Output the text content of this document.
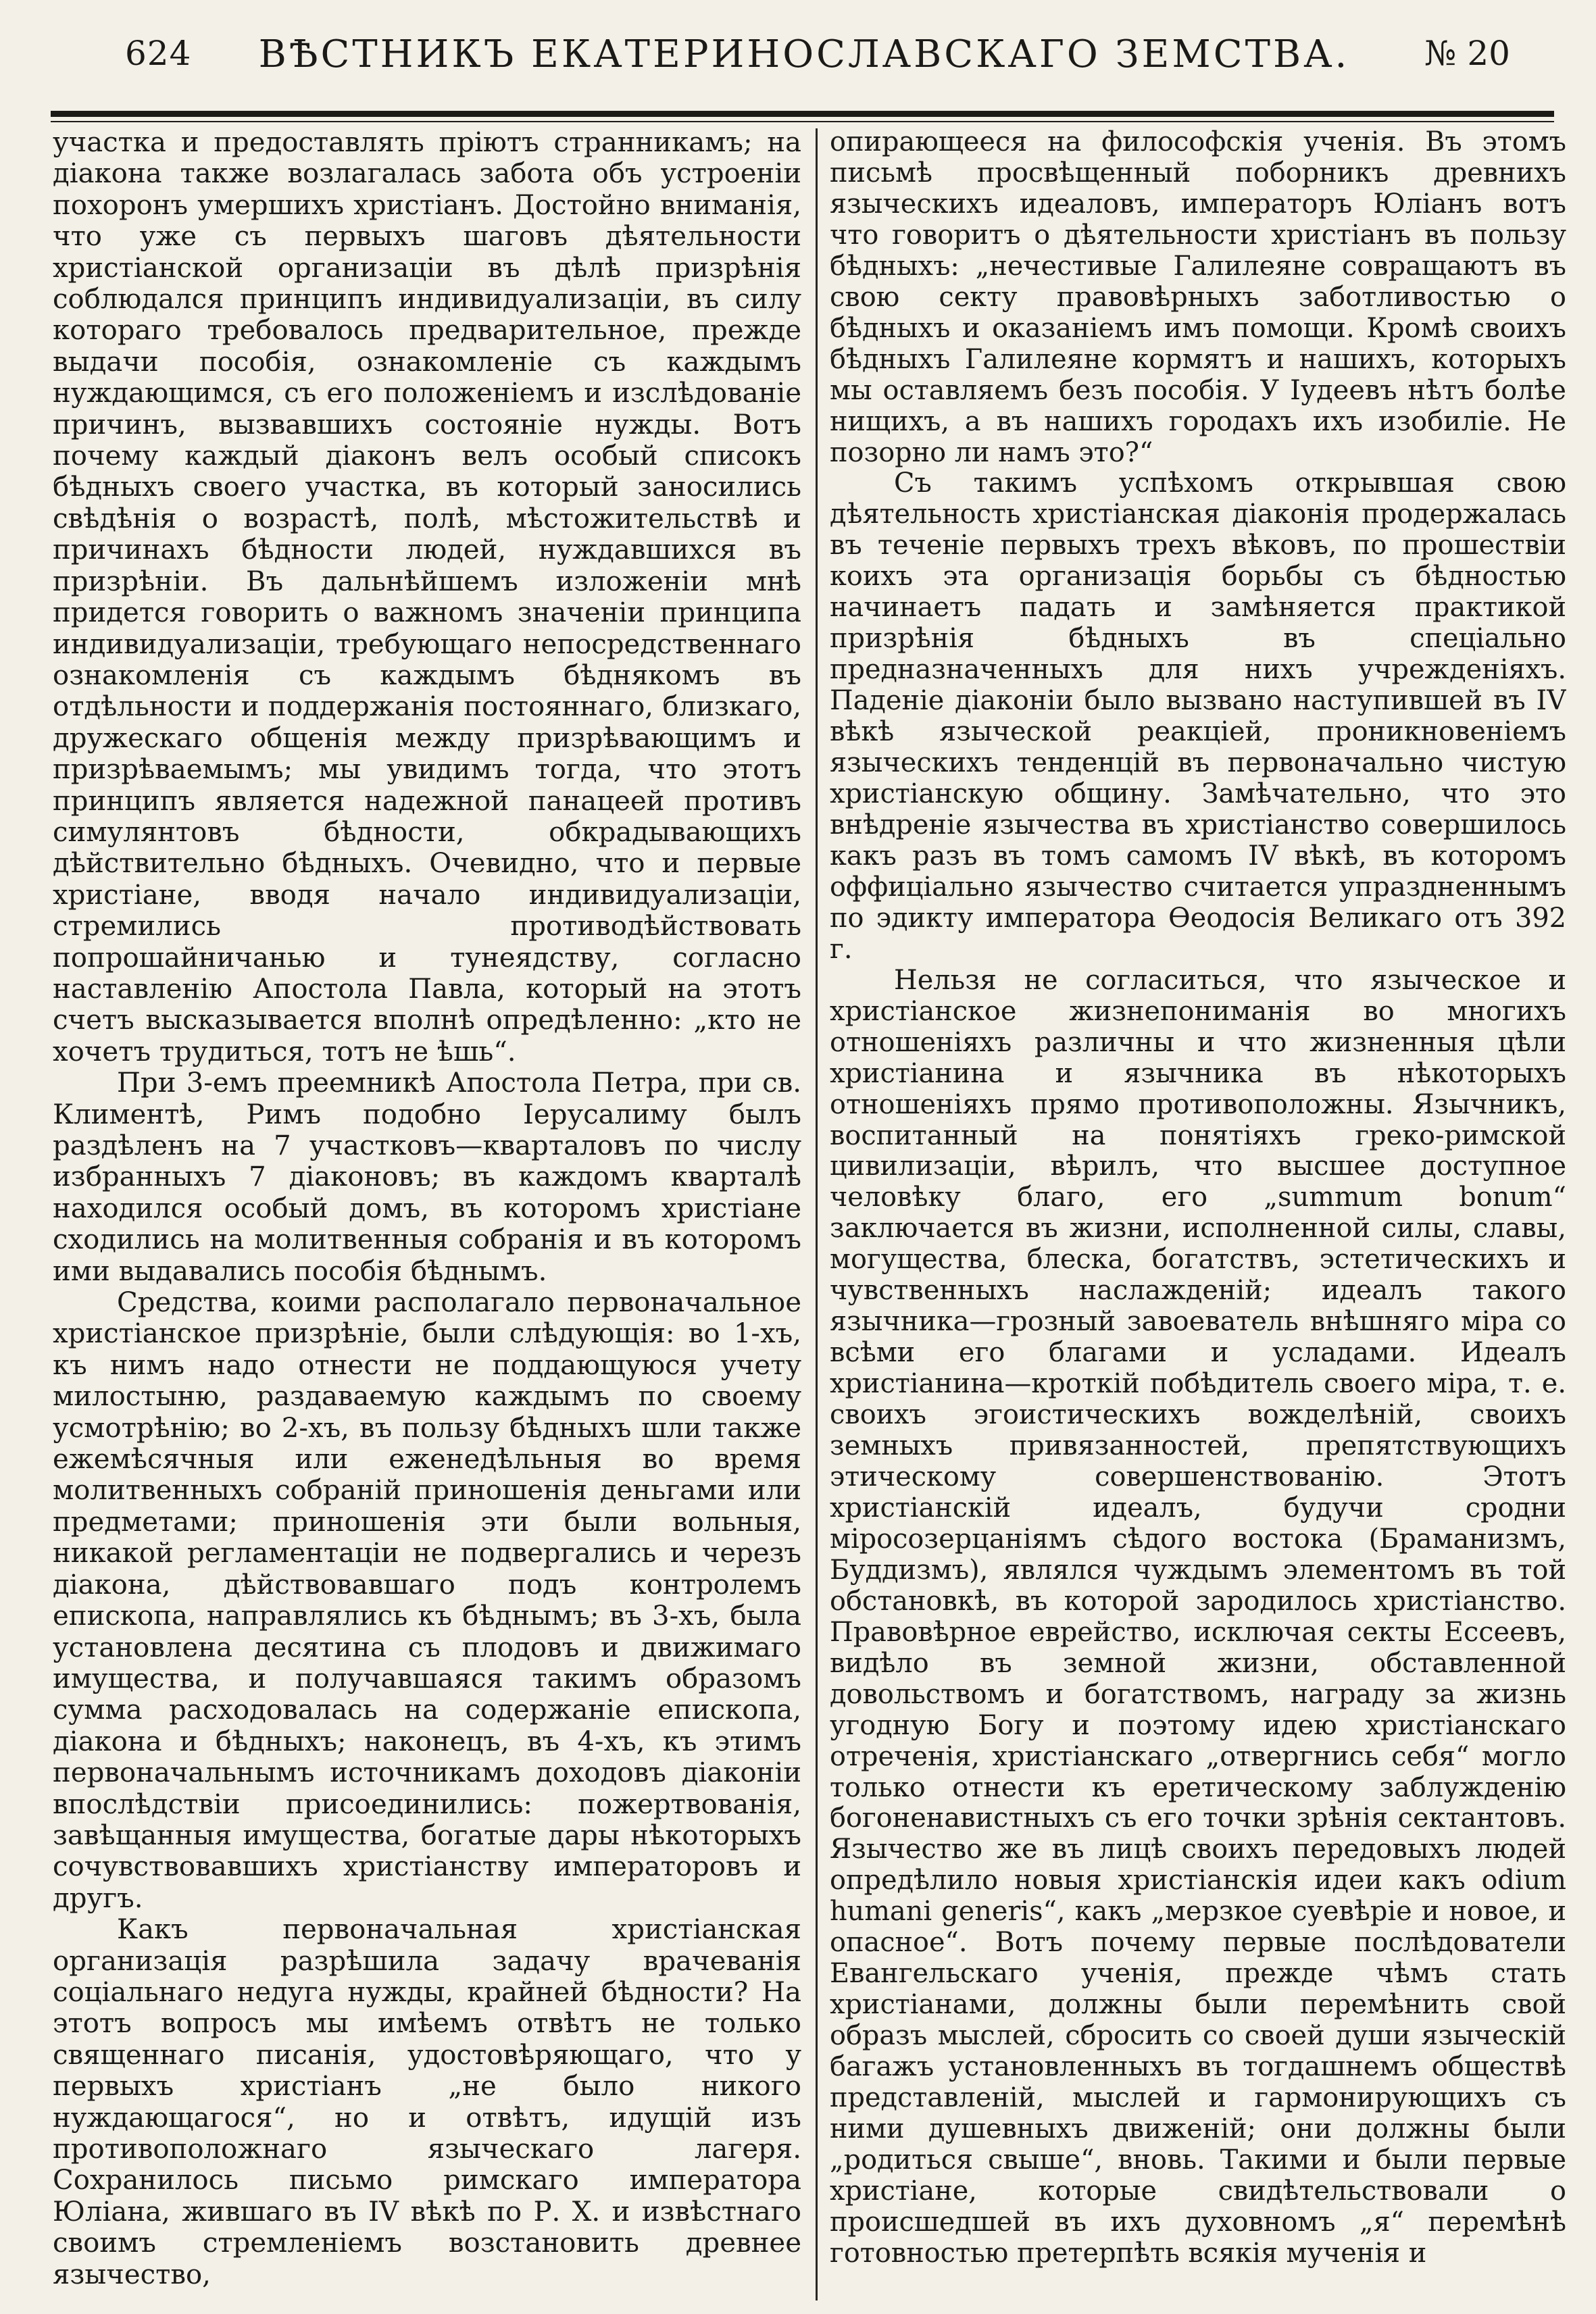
624	ВѢСТНИКЪ ЕКАТЕРИНОСЛАВСКАГО ЗЕМСТВА.	№ 20

участка и предоставлять пріютъ странникамъ; на діакона также возлагалась забота объ устроеніи похоронъ умершихъ христіанъ. Достойно вниманія, что уже съ первыхъ шаговъ дѣятельности христіанской организаціи въ дѣлѣ призрѣнія соблюдался принципъ индивидуализаціи, въ силу котораго требовалось предварительное, прежде выдачи пособія, ознакомленіе съ каждымъ нуждающимся, съ его положеніемъ и изслѣдованіе причинъ, вызвавшихъ состояніе нужды. Вотъ почему каждый діаконъ велъ особый списокъ бѣдныхъ своего участка, въ который заносились свѣдѣнія о возрастѣ, полѣ, мѣстожительствѣ и причинахъ бѣдности людей, нуждавшихся въ призрѣніи. Въ дальнѣйшемъ изложеніи мнѣ придется говорить о важномъ значеніи принципа индивидуализаціи, требующаго непосредственнаго ознакомленія съ каждымъ бѣднякомъ въ отдѣльности и поддержанія постояннаго, близкаго, дружескаго общенія между призрѣвающимъ и призрѣваемымъ; мы увидимъ тогда, что этотъ принципъ является надежной панацеей противъ симулянтовъ бѣдности, обкрадывающихъ дѣйствительно бѣдныхъ. Очевидно, что и первые христіане, вводя начало индивидуализаціи, стремились противодѣйствовать попрошайничанью и тунеядству, согласно наставленію Апостола Павла, который на этотъ счетъ высказывается вполнѣ опредѣленно: „кто не хочетъ трудиться, тотъ не ѣшь“.

При 3-емъ преемникѣ Апостола Петра, при св. Климентѣ, Римъ подобно Іерусалиму былъ раздѣленъ на 7 участковъ—кварталовъ по числу избранныхъ 7 діаконовъ; въ каждомъ кварталѣ находился особый домъ, въ которомъ христіане сходились на молитвенныя собранія и въ которомъ ими выдавались пособія бѣднымъ.

Средства, коими располагало первоначальное христіанское призрѣніе, были слѣдующія: во 1-хъ, къ нимъ надо отнести не поддающуюся учету милостыню, раздаваемую каждымъ по своему усмотрѣнію; во 2-хъ, въ пользу бѣдныхъ шли также ежемѣсячныя или еженедѣльныя во время молитвенныхъ собраній приношенія деньгами или предметами; приношенія эти были вольныя, никакой регламентаціи не подвергались и черезъ діакона, дѣйствовавшаго подъ контролемъ епископа, направлялись къ бѣднымъ; въ 3-хъ, была установлена десятина съ плодовъ и движимаго имущества, и получавшаяся такимъ образомъ сумма расходовалась на содержаніе епископа, діакона и бѣдныхъ; наконецъ, въ 4-хъ, къ этимъ первоначальнымъ источникамъ доходовъ діаконіи впослѣдствіи присоединились: пожертвованія, завѣщанныя имущества, богатые дары нѣкоторыхъ сочувствовавшихъ христіанству императоровъ и другъ.

Какъ первоначальная христіанская организація разрѣшила задачу врачеванія соціальнаго недуга нужды, крайней бѣдности? На этотъ вопросъ мы имѣемъ отвѣтъ не только священнаго писанія, удостовѣряющаго, что у первыхъ христіанъ „не было никого нуждающагося“, но и отвѣтъ, идущій изъ противоположнаго языческаго лагеря. Сохранилось письмо римскаго императора Юліана, жившаго въ IV вѣкѣ по Р. Х. и извѣстнаго своимъ стремленіемъ возстановить древнее язычество,

опирающееся на философскія ученія. Въ этомъ письмѣ просвѣщенный поборникъ древнихъ языческихъ идеаловъ, императоръ Юліанъ вотъ что говоритъ о дѣятельности христіанъ въ пользу бѣдныхъ: „нечестивые Галилеяне совращаютъ въ свою секту правовѣрныхъ заботливостью о бѣдныхъ и оказаніемъ имъ помощи. Кромѣ своихъ бѣдныхъ Галилеяне кормятъ и нашихъ, которыхъ мы оставляемъ безъ пособія. У Іудеевъ нѣтъ болѣе нищихъ, а въ нашихъ городахъ ихъ изобиліе. Не позорно ли намъ это?“

Съ такимъ успѣхомъ открывшая свою дѣятельность христіанская діаконія продержалась въ теченіе первыхъ трехъ вѣковъ, по прошествіи коихъ эта организація борьбы съ бѣдностью начинаетъ падать и замѣняется практикой призрѣнія бѣдныхъ въ спеціально предназначенныхъ для нихъ учрежденіяхъ. Паденіе діаконіи было вызвано наступившей въ IV вѣкѣ языческой реакціей, проникновеніемъ языческихъ тенденцій въ первоначально чистую христіанскую общину. Замѣчательно, что это внѣдреніе язычества въ христіанство совершилось какъ разъ въ томъ самомъ IV вѣкѣ, въ которомъ оффиціально язычество считается упраздненнымъ по эдикту императора Ѳеодосія Великаго отъ 392 г.

Нельзя не согласиться, что языческое и христіанское жизнепониманія во многихъ отношеніяхъ различны и что жизненныя цѣли христіанина и язычника въ нѣкоторыхъ отношеніяхъ прямо противоположны. Язычникъ, воспитанный на понятіяхъ греко-римской цивилизаціи, вѣрилъ, что высшее доступное человѣку благо, его „summum bonum“ заключается въ жизни, исполненной силы, славы, могущества, блеска, богатствъ, эстетическихъ и чувственныхъ наслажденій; идеалъ такого язычника—грозный завоеватель внѣшняго міра со всѣми его благами и усладами. Идеалъ христіанина—кроткій побѣдитель своего міра, т. е. своихъ эгоистическихъ вожделѣній, своихъ земныхъ привязанностей, препятствующихъ этическому совершенствованію. Этотъ христіанскій идеалъ, будучи сродни міросозерцаніямъ сѣдого востока (Браманизмъ, Буддизмъ), являлся чуждымъ элементомъ въ той обстановкѣ, въ которой зародилось христіанство. Правовѣрное еврейство, исключая секты Ессеевъ, видѣло въ земной жизни, обставленной довольствомъ и богатствомъ, награду за жизнь угодную Богу и поэтому идею христіанскаго отреченія, христіанскаго „отвергнись себя“ могло только отнести къ еретическому заблужденію богоненавистныхъ съ его точки зрѣнія сектантовъ. Язычество же въ лицѣ своихъ передовыхъ людей опредѣлило новыя христіанскія идеи какъ odium humani generis“, какъ „мерзкое суевѣріе и новое, и опасное“. Вотъ почему первые послѣдователи Евангельскаго ученія, прежде чѣмъ стать христіанами, должны были перемѣнить свой образъ мыслей, сбросить со своей души языческій багажъ установленныхъ въ тогдашнемъ обществѣ представленій, мыслей и гармонирующихъ съ ними душевныхъ движеній; они должны были „родиться свыше“, вновь. Такими и были первые христіане, которые свидѣтельствовали о происшедшей въ ихъ духовномъ „я“ перемѣнѣ готовностью претерпѣть всякія мученія и
